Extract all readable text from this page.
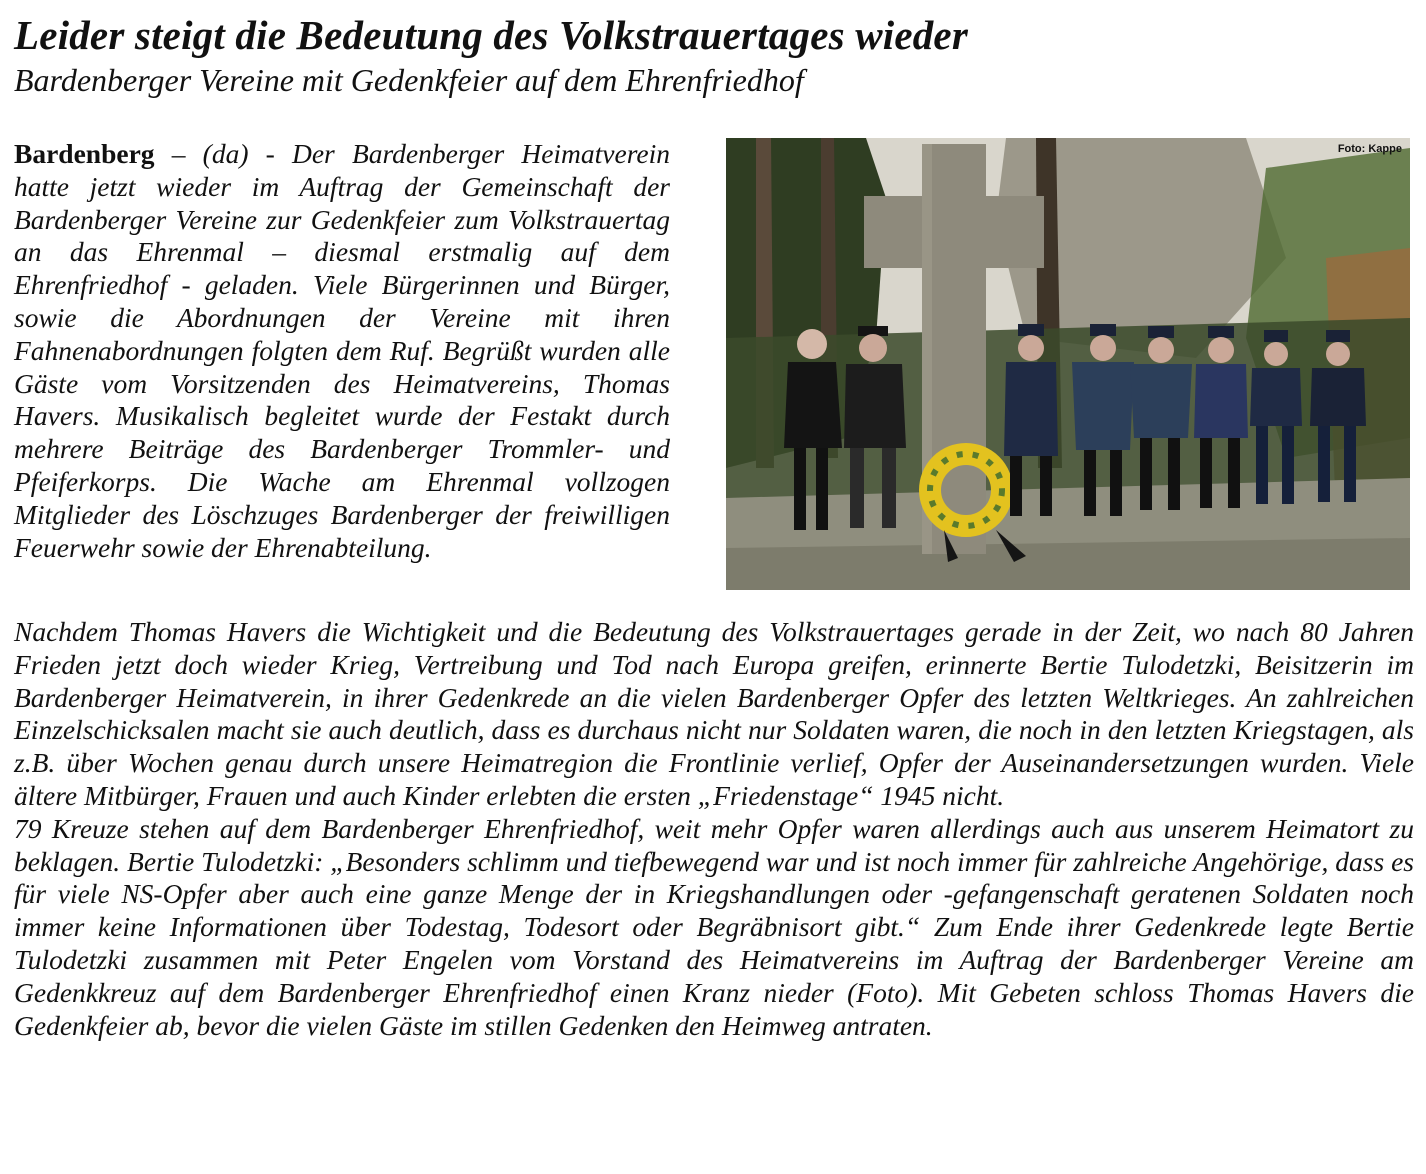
Leider steigt die Bedeutung des Volkstrauertages wieder
Bardenberger Vereine mit Gedenkfeier auf dem Ehrenfriedhof

Bardenberg – (da) - Der Bardenberger Heimatverein hatte jetzt wieder im Auftrag der Gemeinschaft der Bardenberger Vereine zur Gedenkfeier zum Volkstrauertag an das Ehrenmal – diesmal erstmalig auf dem Ehrenfriedhof - geladen. Viele Bürgerinnen und Bürger, sowie die Abordnungen der Vereine mit ihren Fahnenabordnungen folgten dem Ruf. Begrüßt wurden alle Gäste vom Vorsitzenden des Heimatvereins, Thomas Havers. Musikalisch begleitet wurde der Festakt durch mehrere Beiträge des Bardenberger Trommler- und Pfeiferkorps. Die Wache am Ehrenmal vollzogen Mitglieder des Löschzuges Bardenberger der freiwilligen Feuerwehr sowie der Ehrenabteilung.

Foto: Kappe

Nachdem Thomas Havers die Wichtigkeit und die Bedeutung des Volkstrauertages gerade in der Zeit, wo nach 80 Jahren Frieden jetzt doch wieder Krieg, Vertreibung und Tod nach Europa greifen, erinnerte Bertie Tulodetzki, Beisitzerin im Bardenberger Heimatverein, in ihrer Gedenkrede an die vielen Bardenberger Opfer des letzten Weltkrieges. An zahlreichen Einzelschicksalen macht sie auch deutlich, dass es durchaus nicht nur Soldaten waren, die noch in den letzten Kriegstagen, als z.B. über Wochen genau durch unsere Heimatregion die Frontlinie verlief, Opfer der Auseinandersetzungen wurden. Viele ältere Mitbürger, Frauen und auch Kinder erlebten die ersten „Friedenstage“ 1945 nicht.

79 Kreuze stehen auf dem Bardenberger Ehrenfriedhof, weit mehr Opfer waren allerdings auch aus unserem Heimatort zu beklagen. Bertie Tulodetzki: „Besonders schlimm und tiefbewegend war und ist noch immer für zahlreiche Angehörige, dass es für viele NS-Opfer aber auch eine ganze Menge der in Kriegshandlungen oder -gefangenschaft geratenen Soldaten noch immer keine Informationen über Todestag, Todesort oder Begräbnisort gibt.“ Zum Ende ihrer Gedenkrede legte Bertie Tulodetzki zusammen mit Peter Engelen vom Vorstand des Heimatvereins im Auftrag der Bardenberger Vereine am Gedenkkreuz auf dem Bardenberger Ehrenfriedhof einen Kranz nieder (Foto). Mit Gebeten schloss Thomas Havers die Gedenkfeier ab, bevor die vielen Gäste im stillen Gedenken den Heimweg antraten.
